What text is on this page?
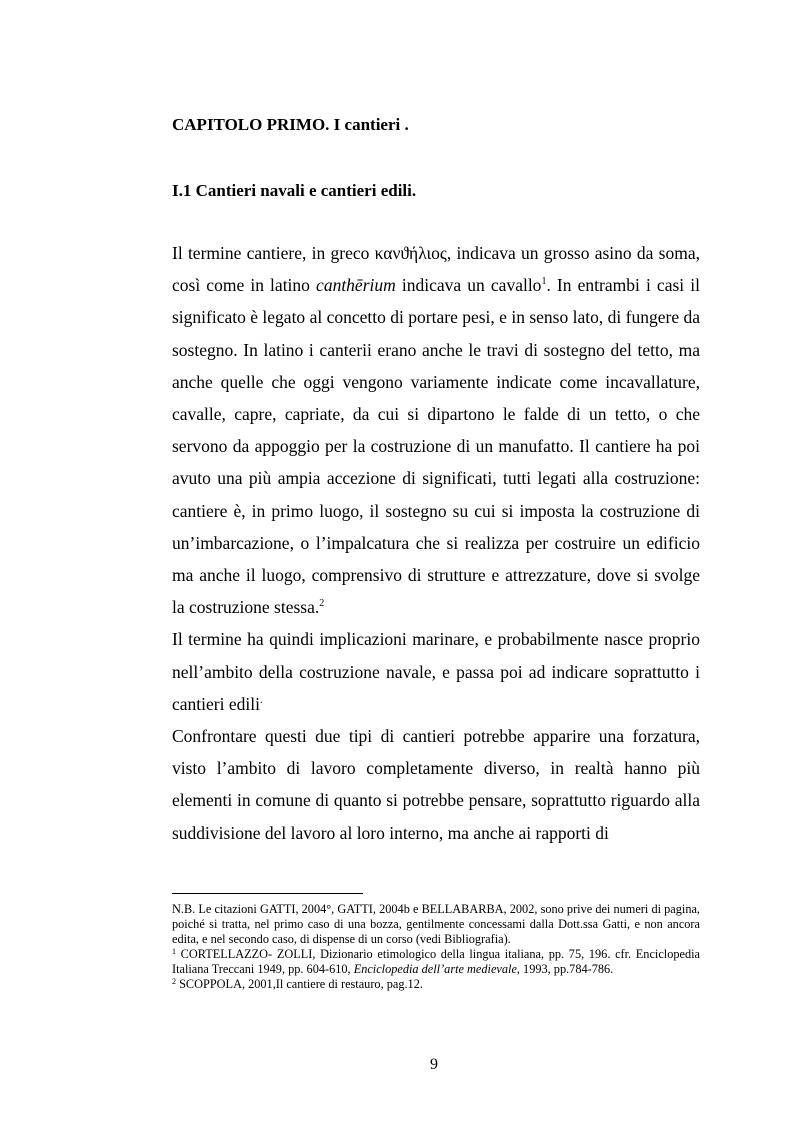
CAPITOLO PRIMO. I cantieri .
I.1 Cantieri navali e cantieri edili.

Il termine cantiere, in greco κανϑήλιος, indicava un grosso asino da soma, così come in latino canthērium indicava un cavallo$^1$. In entrambi i casi il significato è legato al concetto di portare pesi, e in senso lato, di fungere da sostegno. In latino i canterii erano anche le travi di sostegno del tetto, ma anche quelle che oggi vengono variamente indicate come incavallature, cavalle, capre, capriate, da cui si dipartono le falde di un tetto, o che servono da appoggio per la costruzione di un manufatto. Il cantiere ha poi avuto una più ampia accezione di significati, tutti legati alla costruzione: cantiere è, in primo luogo, il sostegno su cui si imposta la costruzione di un’imbarcazione, o l’impalcatura che si realizza per costruire un edificio ma anche il luogo, comprensivo di strutture e attrezzature, dove si svolge la costruzione stessa.$^2$

Il termine ha quindi implicazioni marinare, e probabilmente nasce proprio nell’ambito della costruzione navale, e passa poi ad indicare soprattutto i cantieri edili.

Confrontare questi due tipi di cantieri potrebbe apparire una forzatura, visto l’ambito di lavoro completamente diverso, in realtà hanno più elementi in comune di quanto si potrebbe pensare, soprattutto riguardo alla suddivisione del lavoro al loro interno, ma anche ai rapporti di

N.B. Le citazioni GATTI, 2004°, GATTI, 2004b e BELLABARBA, 2002, sono prive dei numeri di pagina, poiché si tratta, nel primo caso di una bozza, gentilmente concessami dalla Dott.ssa Gatti, e non ancora edita, e nel secondo caso, di dispense di un corso (vedi Bibliografia).

$^1$ CORTELLAZZO- ZOLLI, Dizionario etimologico della lingua italiana, pp. 75, 196. cfr. Enciclopedia Italiana Treccani 1949, pp. 604-610, Enciclopedia dell’arte medievale, 1993, pp.784-786.

$^2$ SCOPPOLA, 2001,Il cantiere di restauro, pag.12.

9
